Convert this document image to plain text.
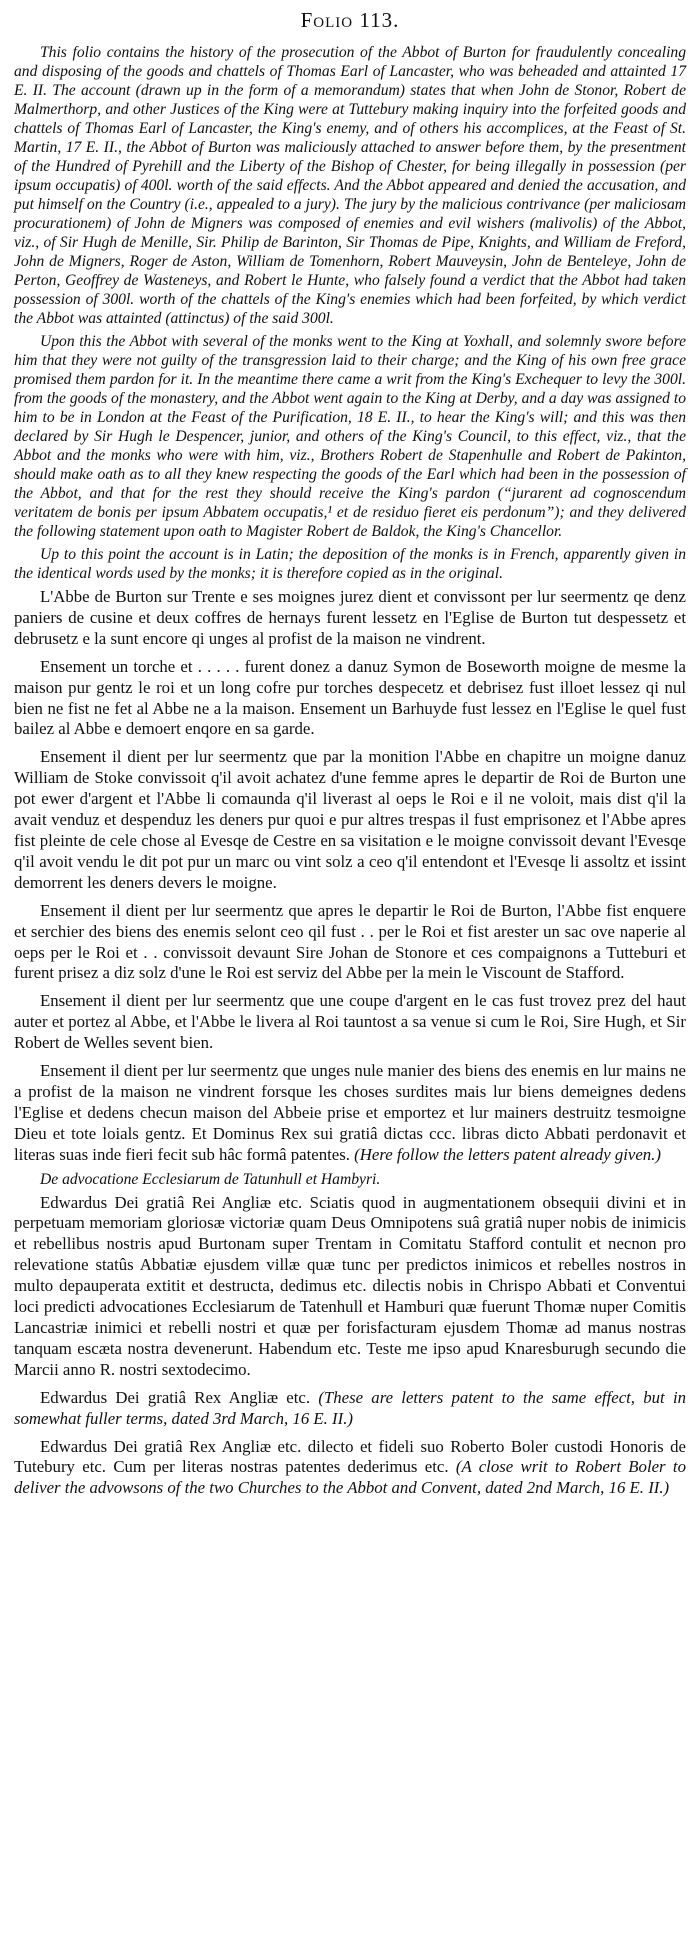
Folio 113.

This folio contains the history of the prosecution of the Abbot of Burton for fraudulently concealing and disposing of the goods and chattels of Thomas Earl of Lancaster, who was beheaded and attainted 17 E. II. The account (drawn up in the form of a memorandum) states that when John de Stonor, Robert de Malmerthorp, and other Justices of the King were at Tuttebury making inquiry into the forfeited goods and chattels of Thomas Earl of Lancaster, the King's enemy, and of others his accomplices, at the Feast of St. Martin, 17 E. II., the Abbot of Burton was maliciously attached to answer before them, by the presentment of the Hundred of Pyrehill and the Liberty of the Bishop of Chester, for being illegally in possession (per ipsum occupatis) of 400l. worth of the said effects. And the Abbot appeared and denied the accusation, and put himself on the Country (i.e., appealed to a jury). The jury by the malicious contrivance (per maliciosam procurationem) of John de Migners was composed of enemies and evil wishers (malivolis) of the Abbot, viz., of Sir Hugh de Menille, Sir. Philip de Barinton, Sir Thomas de Pipe, Knights, and William de Freford, John de Migners, Roger de Aston, William de Tomenhorn, Robert Mauveysin, John de Benteleye, John de Perton, Geoffrey de Wasteneys, and Robert le Hunte, who falsely found a verdict that the Abbot had taken possession of 300l. worth of the chattels of the King's enemies which had been forfeited, by which verdict the Abbot was attainted (attinctus) of the said 300l.

Upon this the Abbot with several of the monks went to the King at Yoxhall, and solemnly swore before him that they were not guilty of the transgression laid to their charge; and the King of his own free grace promised them pardon for it. In the meantime there came a writ from the King's Exchequer to levy the 300l. from the goods of the monastery, and the Abbot went again to the King at Derby, and a day was assigned to him to be in London at the Feast of the Purification, 18 E. II., to hear the King's will; and this was then declared by Sir Hugh le Despencer, junior, and others of the King's Council, to this effect, viz., that the Abbot and the monks who were with him, viz., Brothers Robert de Stapenhulle and Robert de Pakinton, should make oath as to all they knew respecting the goods of the Earl which had been in the possession of the Abbot, and that for the rest they should receive the King's pardon (“jurarent ad cognoscendum veritatem de bonis per ipsum Abbatem occupatis,¹ et de residuo fieret eis perdonum”); and they delivered the following statement upon oath to Magister Robert de Baldok, the King's Chancellor.

Up to this point the account is in Latin; the deposition of the monks is in French, apparently given in the identical words used by the monks; it is therefore copied as in the original.

L'Abbe de Burton sur Trente e ses moignes jurez dient et convissont per lur seermentz qe denz paniers de cusine et deux coffres de hernays furent lessetz en l'Eglise de Burton tut despessetz et debrusetz e la sunt encore qi unges al profist de la maison ne vindrent.

Ensement un torche et . . . . . furent donez a danuz Symon de Boseworth moigne de mesme la maison pur gentz le roi et un long cofre pur torches despecetz et debrisez fust illoet lessez qi nul bien ne fist ne fet al Abbe ne a la maison. Ensement un Barhuyde fust lessez en l'Eglise le quel fust bailez al Abbe e demoert enqore en sa garde.

Ensement il dient per lur seermentz que par la monition l'Abbe en chapitre un moigne danuz William de Stoke convissoit q'il avoit achatez d'une femme apres le departir de Roi de Burton une pot ewer d'argent et l'Abbe li comaunda q'il liverast al oeps le Roi e il ne voloit, mais dist q'il la avait venduz et despenduz les deners pur quoi e pur altres trespas il fust emprisonez et l'Abbe apres fist pleinte de cele chose al Evesqe de Cestre en sa visitation e le moigne convissoit devant l'Evesqe q'il avoit vendu le dit pot pur un marc ou vint solz a ceo q'il entendont et l'Evesqe li assoltz et issint demorrent les deners devers le moigne.

Ensement il dient per lur seermentz que apres le departir le Roi de Burton, l'Abbe fist enquere et serchier des biens des enemis selont ceo qil fust . . per le Roi et fist arester un sac ove naperie al oeps per le Roi et . . convissoit devaunt Sire Johan de Stonore et ces compaignons a Tutteburi et furent prisez a diz solz d'une le Roi est serviz del Abbe per la mein le Viscount de Stafford.

Ensement il dient per lur seermentz que une coupe d'argent en le cas fust trovez prez del haut auter et portez al Abbe, et l'Abbe le livera al Roi tauntost a sa venue si cum le Roi, Sire Hugh, et Sir Robert de Welles sevent bien.

Ensement il dient per lur seermentz que unges nule manier des biens des enemis en lur mains ne a profist de la maison ne vindrent forsque les choses surdites mais lur biens demeignes dedens l'Eglise et dedens checun maison del Abbeie prise et emportez et lur mainers destruitz tesmoigne Dieu et tote loials gentz. Et Dominus Rex sui gratiâ dictas ccc. libras dicto Abbati perdonavit et literas suas inde fieri fecit sub hâc formâ patentes. (Here follow the letters patent already given.)

De advocatione Ecclesiarum de Tatunhull et Hambyri.

Edwardus Dei gratiâ Rei Angliæ etc. Sciatis quod in augmentationem obsequii divini et in perpetuam memoriam gloriosæ victoriæ quam Deus Omnipotens suâ gratiâ nuper nobis de inimicis et rebellibus nostris apud Burtonam super Trentam in Comitatu Stafford contulit et necnon pro relevatione statûs Abbatiæ ejusdem villæ quæ tunc per predictos inimicos et rebelles nostros in multo depauperata extitit et destructa, dedimus etc. dilectis nobis in Chrispo Abbati et Conventui loci predicti advocationes Ecclesiarum de Tatenhull et Hamburi quæ fuerunt Thomæ nuper Comitis Lancastriæ inimici et rebelli nostri et quæ per forisfacturam ejusdem Thomæ ad manus nostras tanquam escæta nostra devenerunt. Habendum etc. Teste me ipso apud Knaresburugh secundo die Marcii anno R. nostri sextodecimo.

Edwardus Dei gratiâ Rex Angliæ etc. (These are letters patent to the same effect, but in somewhat fuller terms, dated 3rd March, 16 E. II.)

Edwardus Dei gratiâ Rex Angliæ etc. dilecto et fideli suo Roberto Boler custodi Honoris de Tutebury etc. Cum per literas nostras patentes dederimus etc. (A close writ to Robert Boler to deliver the advowsons of the two Churches to the Abbot and Convent, dated 2nd March, 16 E. II.)
